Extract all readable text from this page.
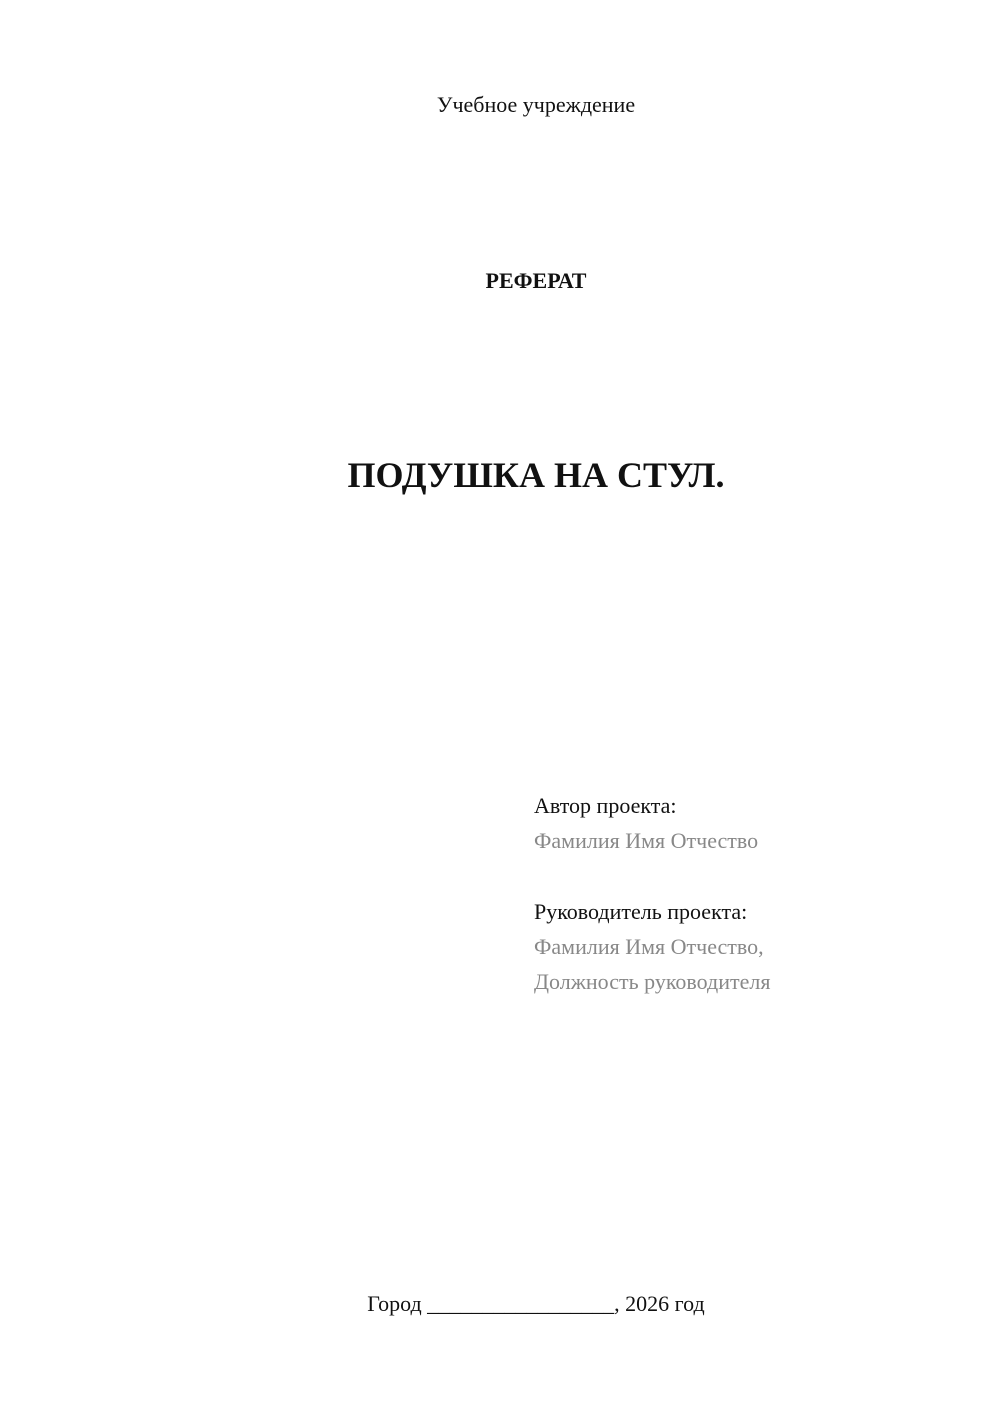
Учебное учреждение
РЕФЕРАТ
ПОДУШКА НА СТУЛ.
Автор проекта:
Фамилия Имя Отчество
Руководитель проекта:
Фамилия Имя Отчество,
Должность руководителя
Город _________________, 2026 год
